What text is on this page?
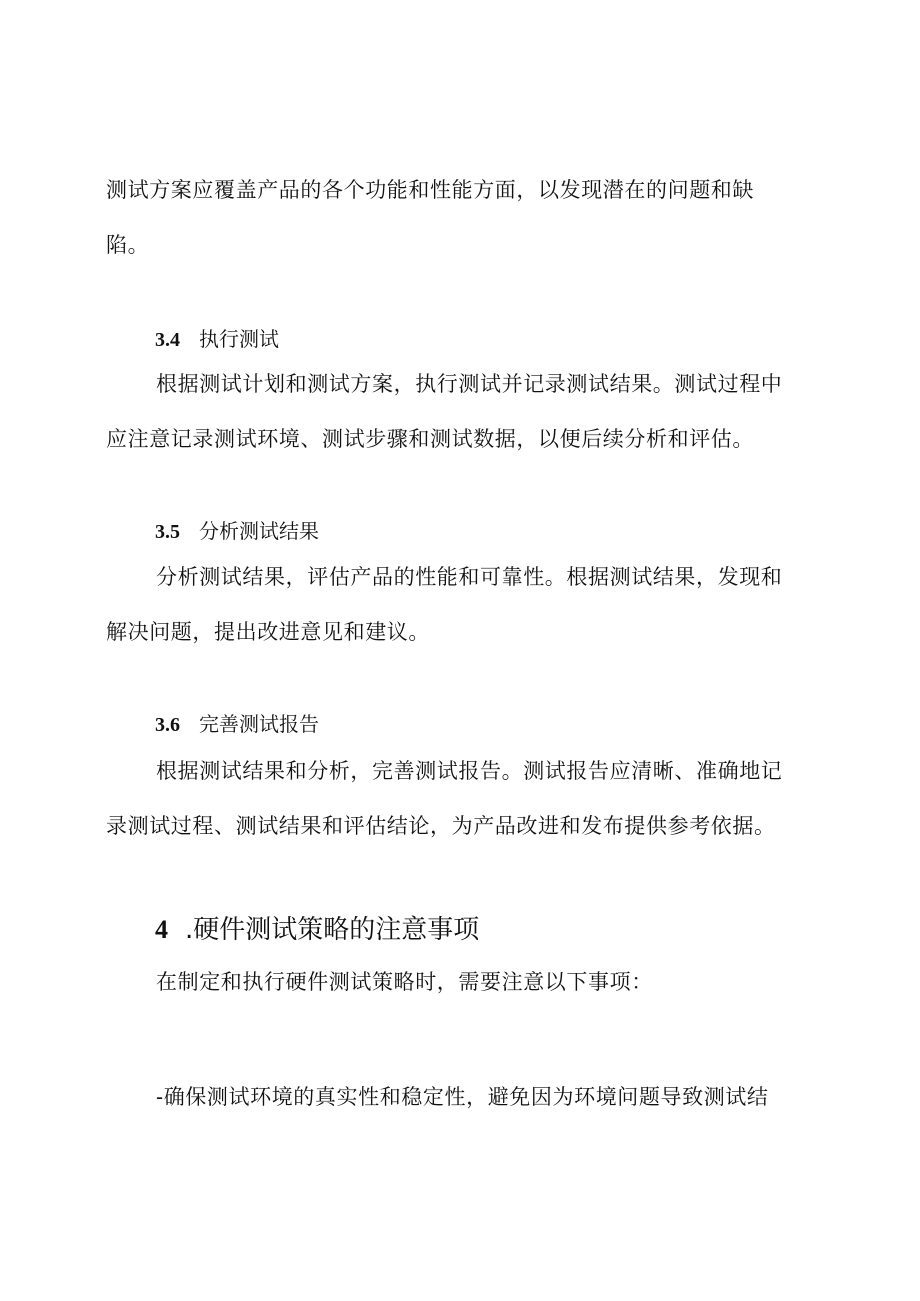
测试方案应覆盖产品的各个功能和性能方面，以发现潜在的问题和缺
陷。

3.4 执行测试

根据测试计划和测试方案，执行测试并记录测试结果。测试过程中
应注意记录测试环境、测试步骤和测试数据，以便后续分析和评估。

3.5 分析测试结果

分析测试结果，评估产品的性能和可靠性。根据测试结果，发现和
解决问题，提出改进意见和建议。

3.6 完善测试报告

根据测试结果和分析，完善测试报告。测试报告应清晰、准确地记
录测试过程、测试结果和评估结论，为产品改进和发布提供参考依据。

4 .硬件测试策略的注意事项

在制定和执行硬件测试策略时，需要注意以下事项：

-确保测试环境的真实性和稳定性，避免因为环境问题导致测试结
